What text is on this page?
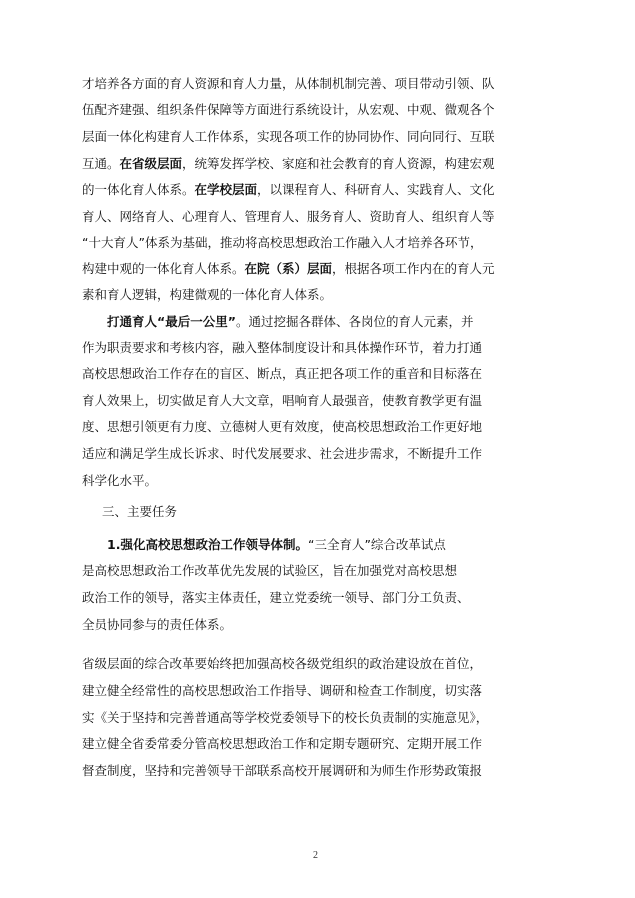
才培养各方面的育人资源和育人力量，从体制机制完善、项目带动引领、队
伍配齐建强、组织条件保障等方面进行系统设计，从宏观、中观、微观各个
层面一体化构建育人工作体系，实现各项工作的协同协作、同向同行、互联
互通。在省级层面，统筹发挥学校、家庭和社会教育的育人资源，构建宏观
的一体化育人体系。在学校层面，以课程育人、科研育人、实践育人、文化
育人、网络育人、心理育人、管理育人、服务育人、资助育人、组织育人等
“十大育人”体系为基础，推动将高校思想政治工作融入人才培养各环节，
构建中观的一体化育人体系。在院（系）层面，根据各项工作内在的育人元
素和育人逻辑，构建微观的一体化育人体系。
　　打通育人“最后一公里”。通过挖掘各群体、各岗位的育人元素，并
作为职责要求和考核内容，融入整体制度设计和具体操作环节，着力打通
高校思想政治工作存在的盲区、断点，真正把各项工作的重音和目标落在
育人效果上，切实做足育人大文章，唱响育人最强音，使教育教学更有温
度、思想引领更有力度、立德树人更有效度，使高校思想政治工作更好地
适应和满足学生成长诉求、时代发展要求、社会进步需求，不断提升工作
科学化水平。
三、主要任务
　　1.强化高校思想政治工作领导体制。“三全育人”综合改革试点
是高校思想政治工作改革优先发展的试验区，旨在加强党对高校思想
政治工作的领导，落实主体责任，建立党委统一领导、部门分工负责、
全员协同参与的责任体系。
省级层面的综合改革要始终把加强高校各级党组织的政治建设放在首位，
建立健全经常性的高校思想政治工作指导、调研和检查工作制度，切实落
实《关于坚持和完善普通高等学校党委领导下的校长负责制的实施意见》，
建立健全省委常委分管高校思想政治工作和定期专题研究、定期开展工作
督查制度，坚持和完善领导干部联系高校开展调研和为师生作形势政策报
2
